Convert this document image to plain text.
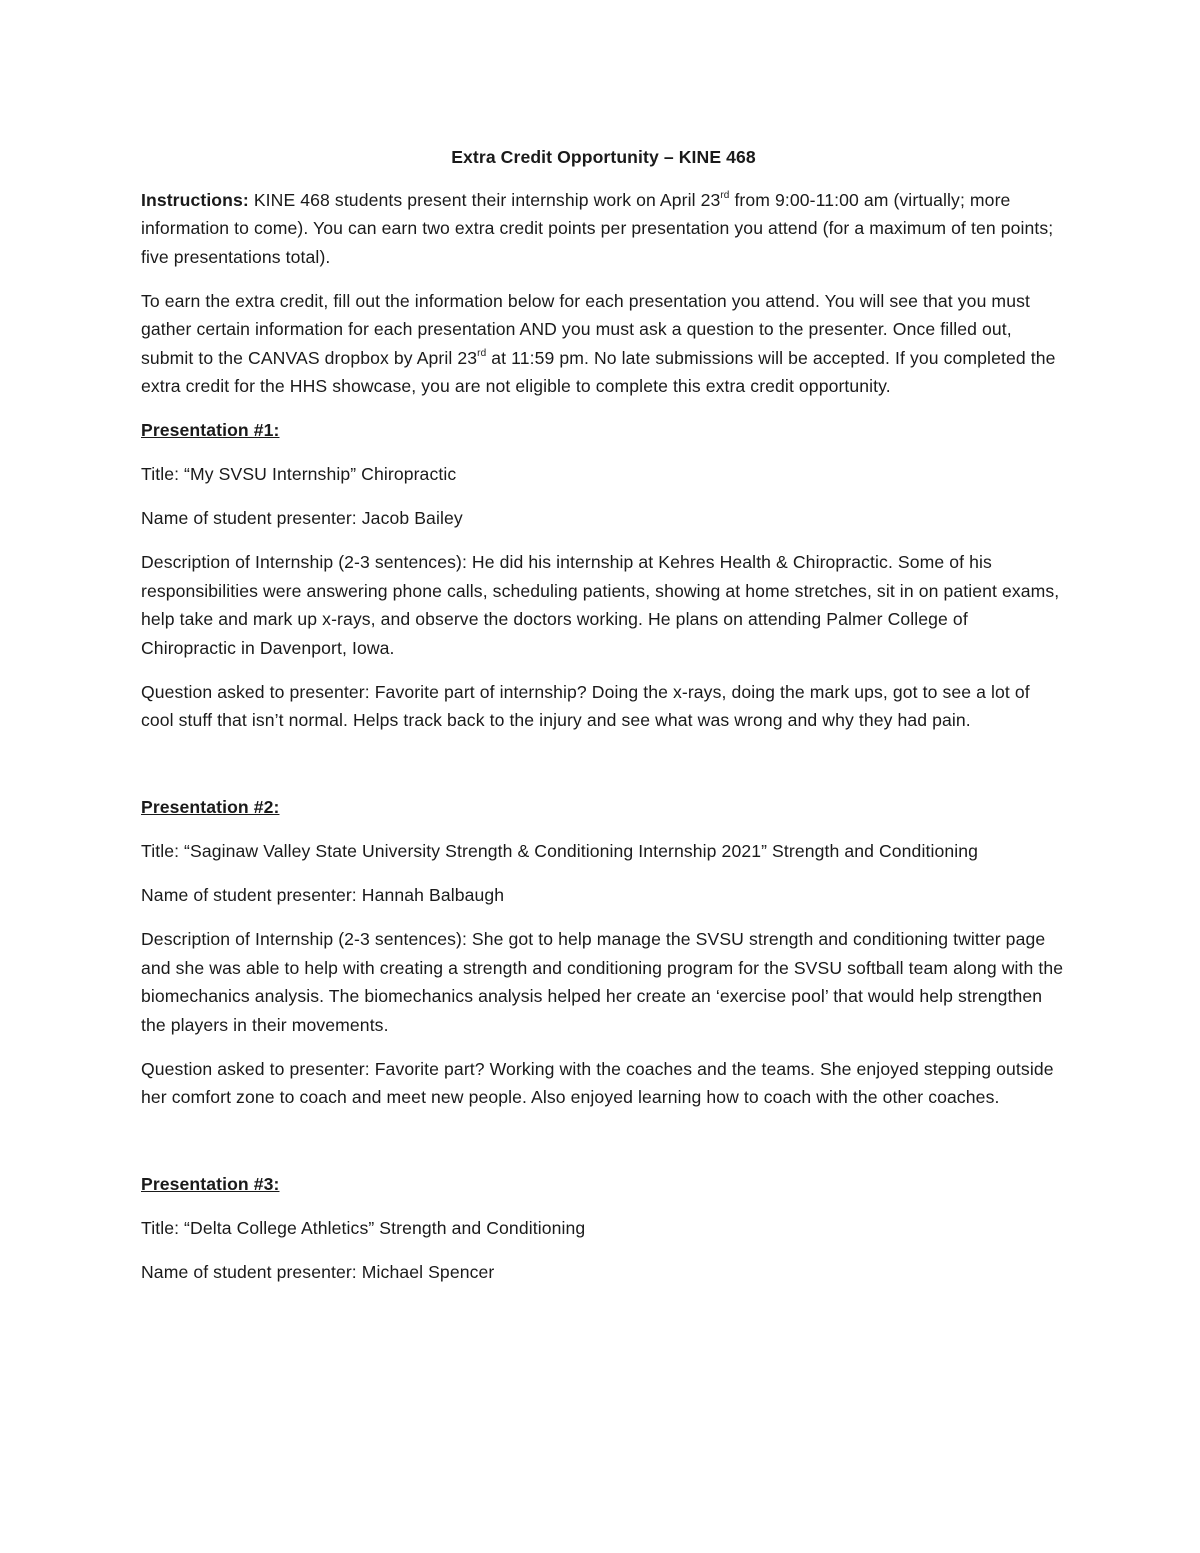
Extra Credit Opportunity – KINE 468

Instructions: KINE 468 students present their internship work on April 23rd from 9:00-11:00 am (virtually; more information to come). You can earn two extra credit points per presentation you attend (for a maximum of ten points; five presentations total).

To earn the extra credit, fill out the information below for each presentation you attend. You will see that you must gather certain information for each presentation AND you must ask a question to the presenter. Once filled out, submit to the CANVAS dropbox by April 23rd at 11:59 pm. No late submissions will be accepted. If you completed the extra credit for the HHS showcase, you are not eligible to complete this extra credit opportunity.

Presentation #1:

Title: “My SVSU Internship” Chiropractic

Name of student presenter: Jacob Bailey

Description of Internship (2-3 sentences): He did his internship at Kehres Health & Chiropractic. Some of his responsibilities were answering phone calls, scheduling patients, showing at home stretches, sit in on patient exams, help take and mark up x-rays, and observe the doctors working. He plans on attending Palmer College of Chiropractic in Davenport, Iowa.

Question asked to presenter: Favorite part of internship? Doing the x-rays, doing the mark ups, got to see a lot of cool stuff that isn’t normal. Helps track back to the injury and see what was wrong and why they had pain.

Presentation #2:

Title: “Saginaw Valley State University Strength & Conditioning Internship 2021” Strength and Conditioning

Name of student presenter: Hannah Balbaugh

Description of Internship (2-3 sentences): She got to help manage the SVSU strength and conditioning twitter page and she was able to help with creating a strength and conditioning program for the SVSU softball team along with the biomechanics analysis. The biomechanics analysis helped her create an ‘exercise pool’ that would help strengthen the players in their movements.

Question asked to presenter: Favorite part? Working with the coaches and the teams. She enjoyed stepping outside her comfort zone to coach and meet new people. Also enjoyed learning how to coach with the other coaches.

Presentation #3:

Title: “Delta College Athletics” Strength and Conditioning

Name of student presenter: Michael Spencer
